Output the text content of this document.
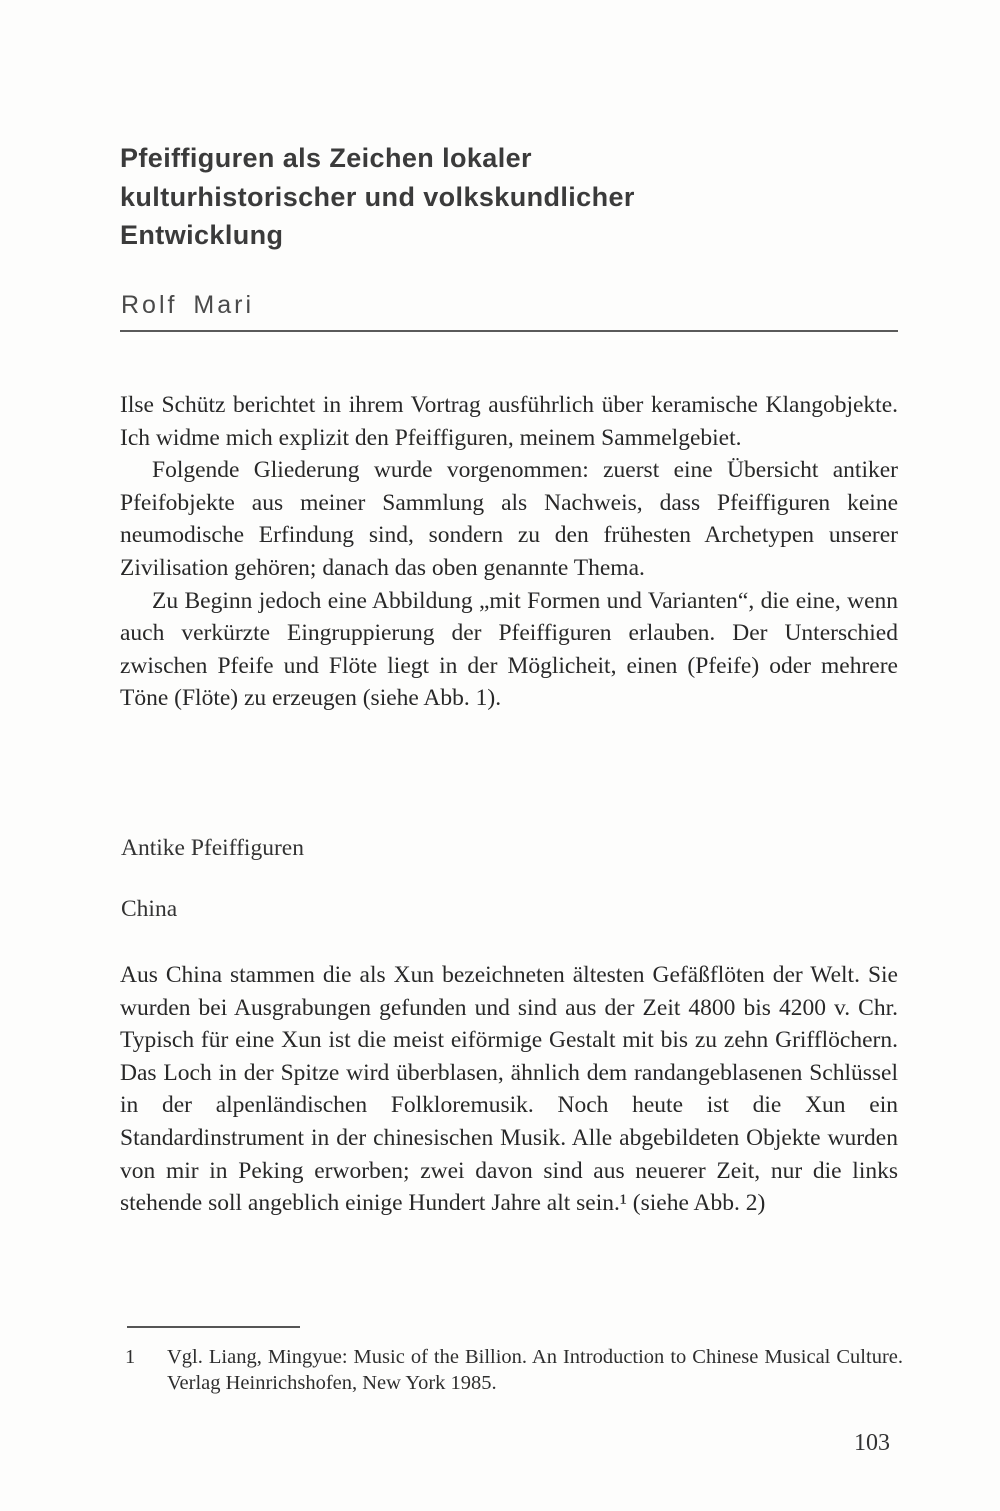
Pfeiffiguren als Zeichen lokaler
kulturhistorischer und volkskundlicher
Entwicklung
Rolf Mari

Ilse Schütz berichtet in ihrem Vortrag ausführlich über keramische Klangobjekte. Ich widme mich explizit den Pfeiffiguren, meinem Sammelgebiet.

Folgende Gliederung wurde vorgenommen: zuerst eine Übersicht antiker Pfeifobjekte aus meiner Sammlung als Nachweis, dass Pfeiffiguren keine neumodische Erfindung sind, sondern zu den frühesten Archetypen unserer Zivilisation gehören; danach das oben genannte Thema.

Zu Beginn jedoch eine Abbildung „mit Formen und Varianten“, die eine, wenn auch verkürzte Eingruppierung der Pfeiffiguren erlauben. Der Unterschied zwischen Pfeife und Flöte liegt in der Möglicheit, einen (Pfeife) oder mehrere Töne (Flöte) zu erzeugen (siehe Abb. 1).

Antike Pfeiffiguren
China
Aus China stammen die als Xun bezeichneten ältesten Gefäßflöten der Welt. Sie wurden bei Ausgrabungen gefunden und sind aus der Zeit 4800 bis 4200 v. Chr. Typisch für eine Xun ist die meist eiförmige Gestalt mit bis zu zehn Grifflöchern. Das Loch in der Spitze wird überblasen, ähnlich dem randangeblasenen Schlüssel in der alpenländischen Folkloremusik. Noch heute ist die Xun ein Standardinstrument in der chinesischen Musik. Alle abgebildeten Objekte wurden von mir in Peking erworben; zwei davon sind aus neuerer Zeit, nur die links stehende soll angeblich einige Hundert Jahre alt sein.¹ (siehe Abb. 2)
1	Vgl. Liang, Mingyue: Music of the Billion. An Introduction to Chinese Musical Culture. Verlag Heinrichshofen, New York 1985.
103
